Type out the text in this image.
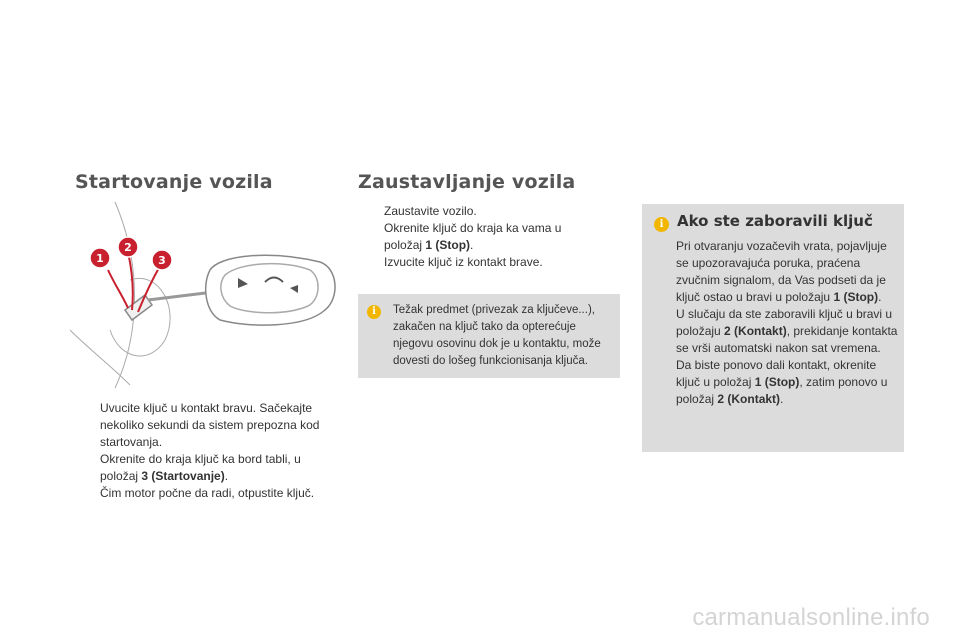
Startovanje vozila	Zaustavljanje vozila
1
2
3
Uvucite ključ u kontakt bravu. Sačekajte nekoliko sekundi da sistem prepozna kod startovanja.
Okrenite do kraja ključ ka bord tabli, u položaj 3 (Startovanje).
Čim motor počne da radi, otpustite ključ.
Zaustavite vozilo.
Okrenite ključ do kraja ka vama u položaj 1 (Stop).
Izvucite ključ iz kontakt brave.
i	Težak predmet (privezak za ključeve...), zakačen na ključ tako da opterećuje njegovu osovinu dok je u kontaktu, može dovesti do lošeg funkcionisanja ključa.
i Ako ste zaboravili ključ
Pri otvaranju vozačevih vrata, pojavljuje se upozoravajuća poruka, praćena zvučnim signalom, da Vas podseti da je ključ ostao u bravi u položaju 1 (Stop).
U slučaju da ste zaboravili ključ u bravi u položaju 2 (Kontakt), prekidanje kontakta se vrši automatski nakon sat vremena.
Da biste ponovo dali kontakt, okrenite ključ u položaj 1 (Stop), zatim ponovo u položaj 2 (Kontakt).
carmanualsonline.info
